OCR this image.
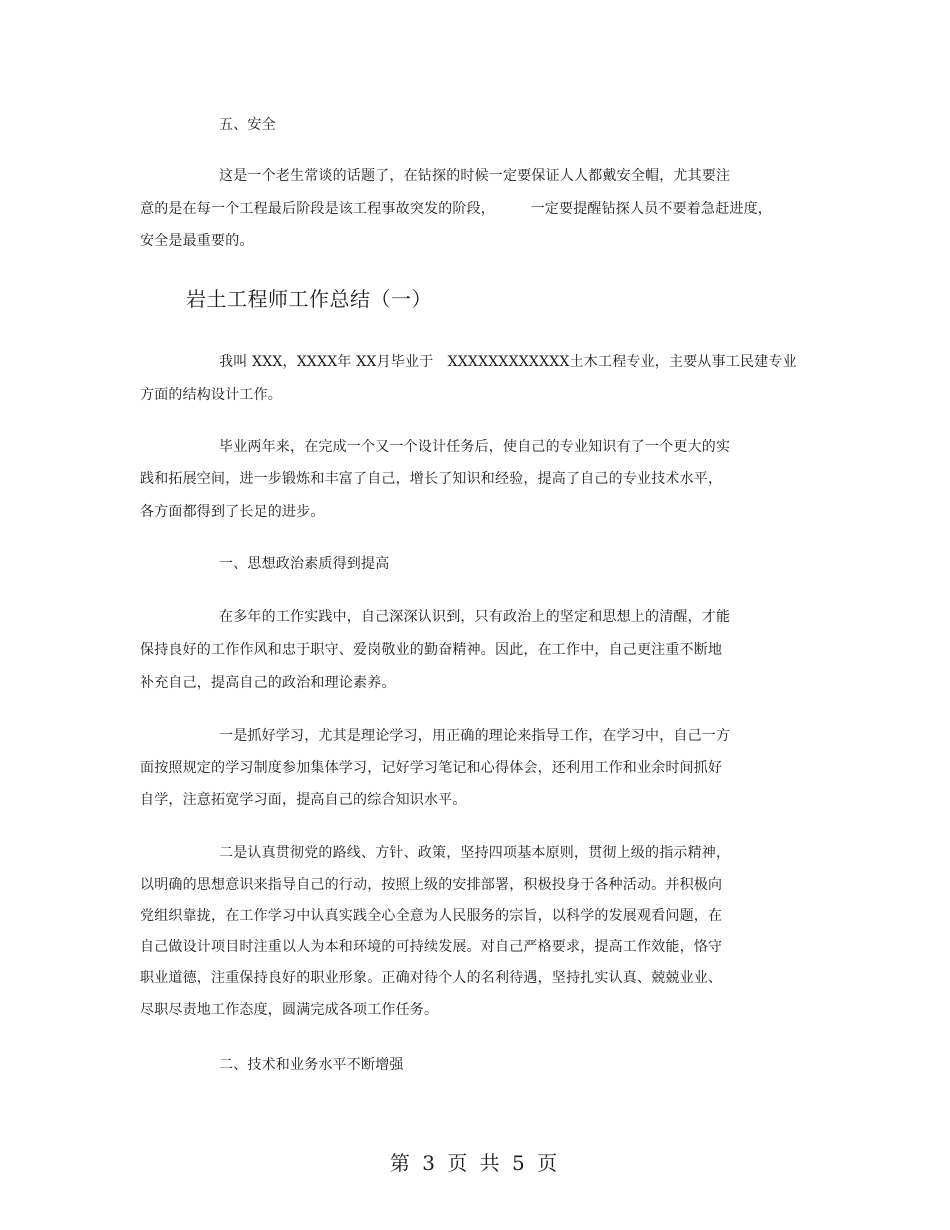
五、安全
这是一个老生常谈的话题了，在钻探的时候一定要保证人人都戴安全帽，尤其要注
意的是在每一个工程最后阶段是该工程事故突发的阶段，　　　一定要提醒钻探人员不要着急赶进度，
安全是最重要的。
岩土工程师工作总结（一）
我叫 XXX，XXXX年 XX月毕业于　XXXXXXXXXXXX土木工程专业，主要从事工民建专业
方面的结构设计工作。
毕业两年来，在完成一个又一个设计任务后，使自己的专业知识有了一个更大的实
践和拓展空间，进一步锻炼和丰富了自己，增长了知识和经验，提高了自己的专业技术水平，
各方面都得到了长足的进步。
一、思想政治素质得到提高
在多年的工作实践中，自己深深认识到，只有政治上的坚定和思想上的清醒，才能
保持良好的工作作风和忠于职守、爱岗敬业的勤奋精神。因此，在工作中，自己更注重不断地
补充自己，提高自己的政治和理论素养。
一是抓好学习，尤其是理论学习，用正确的理论来指导工作，在学习中，自己一方
面按照规定的学习制度参加集体学习，记好学习笔记和心得体会，还利用工作和业余时间抓好
自学，注意拓宽学习面，提高自己的综合知识水平。
二是认真贯彻党的路线、方针、政策，坚持四项基本原则，贯彻上级的指示精神，
以明确的思想意识来指导自己的行动，按照上级的安排部署，积极投身于各种活动。并积极向
党组织靠拢，在工作学习中认真实践全心全意为人民服务的宗旨，以科学的发展观看问题，在
自己做设计项目时注重以人为本和环境的可持续发展。对自己严格要求，提高工作效能，恪守
职业道德，注重保持良好的职业形象。正确对待个人的名利待遇，坚持扎实认真、兢兢业业、
尽职尽责地工作态度，圆满完成各项工作任务。
二、技术和业务水平不断增强
第 3 页 共 5 页
